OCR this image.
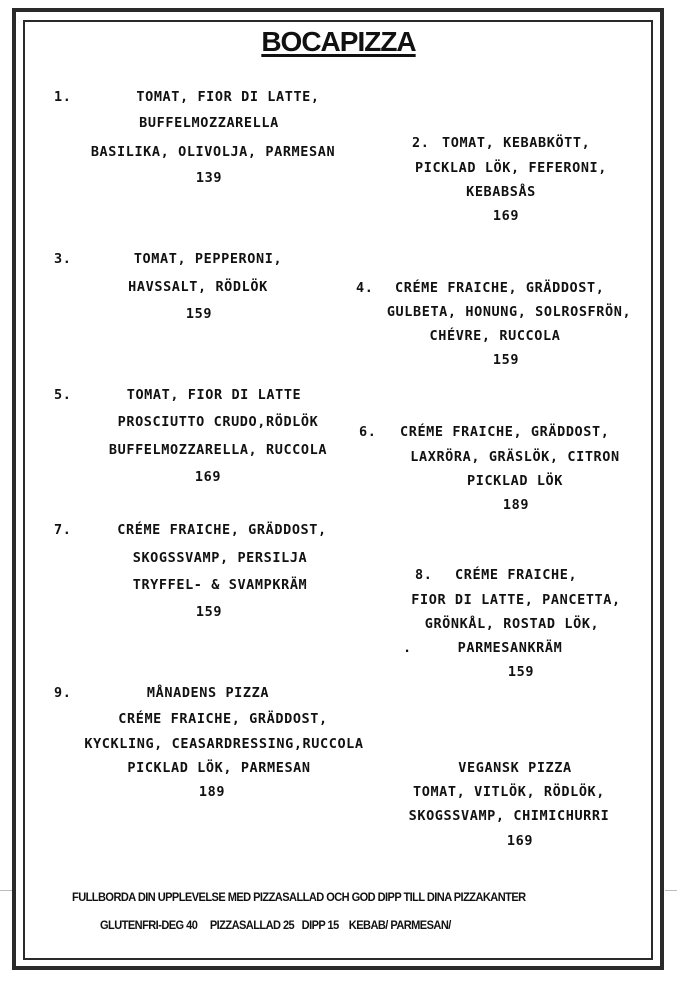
BOCAPIZZA
1.	TOMAT, FIOR DI LATTE,
BUFFELMOZZARELLA
BASILIKA, OLIVOLJA, PARMESAN
139
2. TOMAT, KEBABKÖTT,
PICKLAD LÖK, FEFERONI,
KEBABSÅS
169
3.	TOMAT, PEPPERONI,
HAVSSALT, RÖDLÖK
159
4. CRÉME FRAICHE, GRÄDDOST,
GULBETA, HONUNG, SOLROSFRÖN,
CHÉVRE, RUCCOLA
159
5.	TOMAT, FIOR DI LATTE
PROSCIUTTO CRUDO,RÖDLÖK
BUFFELMOZZARELLA, RUCCOLA
169
6. CRÉME FRAICHE, GRÄDDOST,
LAXRÖRA, GRÄSLÖK, CITRON
PICKLAD LÖK
189
7.	CRÉME FRAICHE, GRÄDDOST,
SKOGSSVAMP, PERSILJA
TRYFFEL- & SVAMPKRÄM
159
8. CRÉME FRAICHE,
FIOR DI LATTE, PANCETTA,
GRÖNKÅL, ROSTAD LÖK,
.	PARMESANKRÄM
159
9.	MÅNADENS PIZZA
CRÉME FRAICHE, GRÄDDOST,
KYCKLING, CEASARDRESSING,RUCCOLA
PICKLAD LÖK, PARMESAN
189
VEGANSK PIZZA
TOMAT, VITLÖK, RÖDLÖK,
SKOGSSVAMP, CHIMICHURRI
169
FULLBORDA DIN UPPLEVELSE MED PIZZASALLAD OCH GOD DIPP TILL DINA PIZZAKANTER
GLUTENFRI-DEG 40     PIZZASALLAD 25   DIPP 15    KEBAB/ PARMESAN/
